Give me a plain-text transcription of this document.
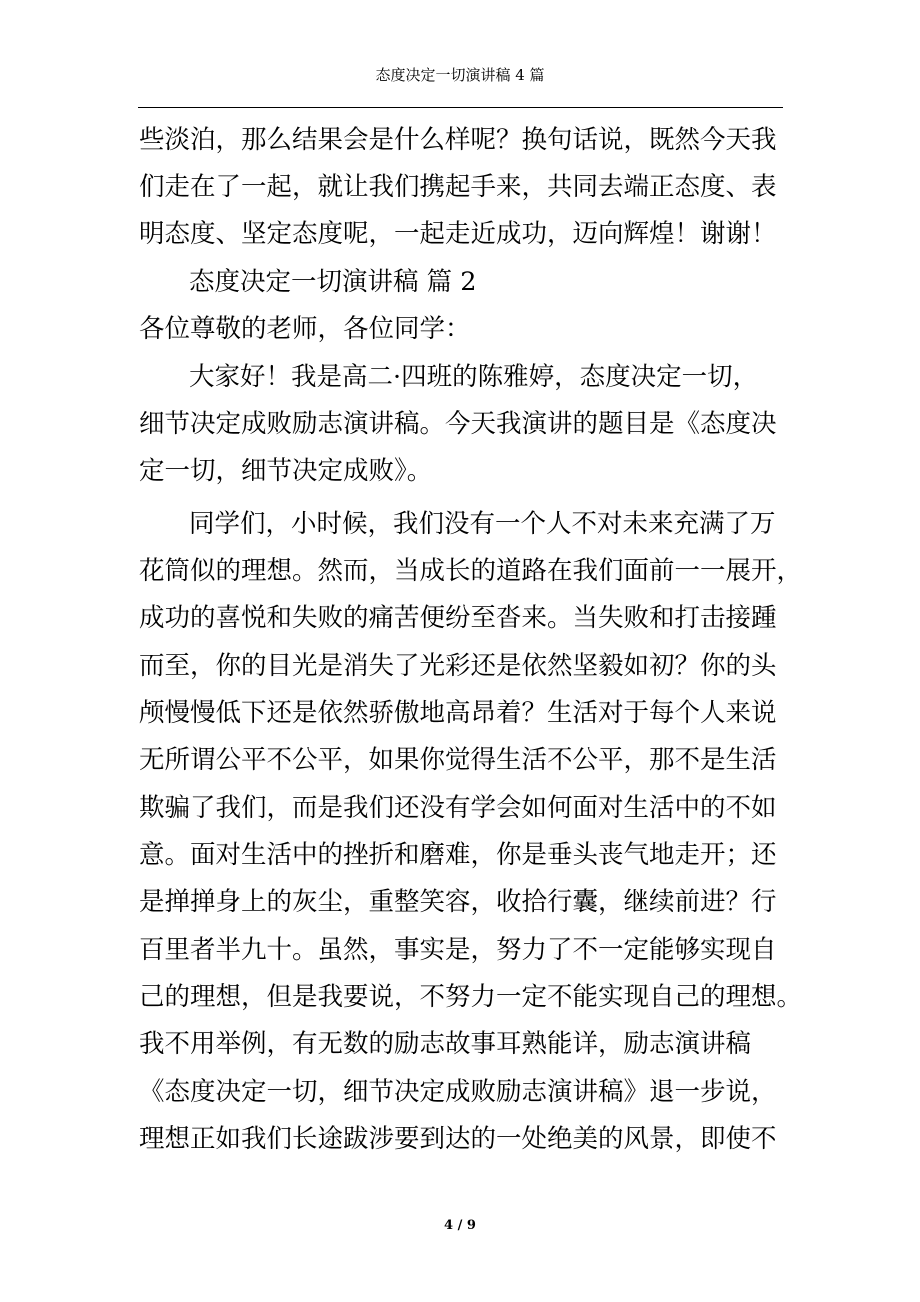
态度决定一切演讲稿 4 篇
些淡泊，那么结果会是什么样呢？换句话说，既然今天我
们走在了一起，就让我们携起手来，共同去端正态度、表
明态度、坚定态度呢，一起走近成功，迈向辉煌！谢谢！
态度决定一切演讲稿 篇 2
各位尊敬的老师，各位同学：
大家好！我是高二·四班的陈雅婷，态度决定一切，
细节决定成败励志演讲稿。今天我演讲的题目是《态度决
定一切，细节决定成败》。
同学们，小时候，我们没有一个人不对未来充满了万
花筒似的理想。然而，当成长的道路在我们面前一一展开，
成功的喜悦和失败的痛苦便纷至沓来。当失败和打击接踵
而至，你的目光是消失了光彩还是依然坚毅如初？你的头
颅慢慢低下还是依然骄傲地高昂着？生活对于每个人来说
无所谓公平不公平，如果你觉得生活不公平，那不是生活
欺骗了我们，而是我们还没有学会如何面对生活中的不如
意。面对生活中的挫折和磨难，你是垂头丧气地走开；还
是掸掸身上的灰尘，重整笑容，收拾行囊，继续前进？行
百里者半九十。虽然，事实是，努力了不一定能够实现自
己的理想，但是我要说，不努力一定不能实现自己的理想。
我不用举例，有无数的励志故事耳熟能详，励志演讲稿
《态度决定一切，细节决定成败励志演讲稿》退一步说，
理想正如我们长途跋涉要到达的一处绝美的风景，即使不
4 / 9
